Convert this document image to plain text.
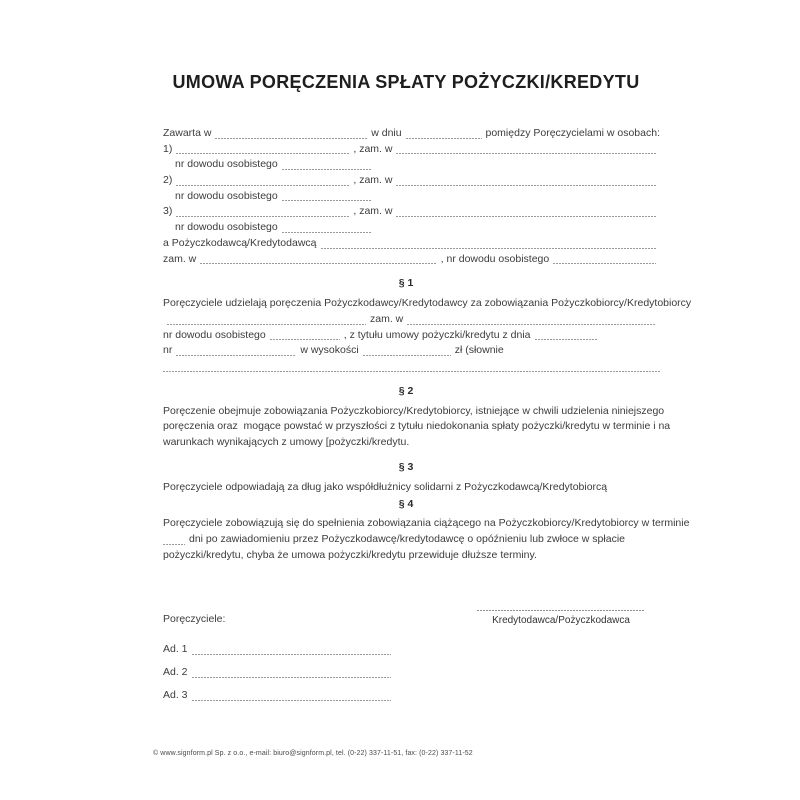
UMOWA PORĘCZENIA SPŁATY POŻYCZKI/KREDYTU
Zawarta w	w dniu	pomiędzy Poręczycielami w osobach:
1)	, zam. w
nr dowodu osobistego
2)	, zam. w
nr dowodu osobistego
3)	, zam. w
nr dowodu osobistego
a Pożyczkodawcą/Kredytodawcą
zam. w	, nr dowodu osobistego
§ 1
Poręczyciele udzielają poręczenia Pożyczkodawcy/Kredytodawcy za zobowiązania Pożyczkobiorcy/Kredytobiorcy
zam. w
nr dowodu osobistego	, z tytułu umowy pożyczki/kredytu z dnia
nr	w wysokości	zł (słownie
§ 2
Poręczenie obejmuje zobowiązania Pożyczkobiorcy/Kredytobiorcy, istniejące w chwili udzielenia niniejszego
poręczenia oraz  mogące powstać w przyszłości z tytułu niedokonania spłaty pożyczki/kredytu w terminie i na
warunkach wynikających z umowy [pożyczki/kredytu.
§ 3
Poręczyciele odpowiadają za dług jako współdłużnicy solidarni z Pożyczkodawcą/Kredytobiorcą
§ 4
Poręczyciele zobowiązują się do spełnienia zobowiązania ciążącego na Pożyczkobiorcy/Kredytobiorcy w terminie
dni po zawiadomieniu przez Pożyczkodawcę/kredytodawcę o opóźnieniu lub zwłoce w spłacie
pożyczki/kredytu, chyba że umowa pożyczki/kredytu przewiduje dłuższe terminy.
Poręczyciele:	Kredytodawca/Pożyczkodawca
Ad. 1
Ad. 2
Ad. 3
© www.signform.pl Sp. z o.o., e-mail: biuro@signform.pl, tel. (0-22) 337-11-51, fax: (0-22) 337-11-52
